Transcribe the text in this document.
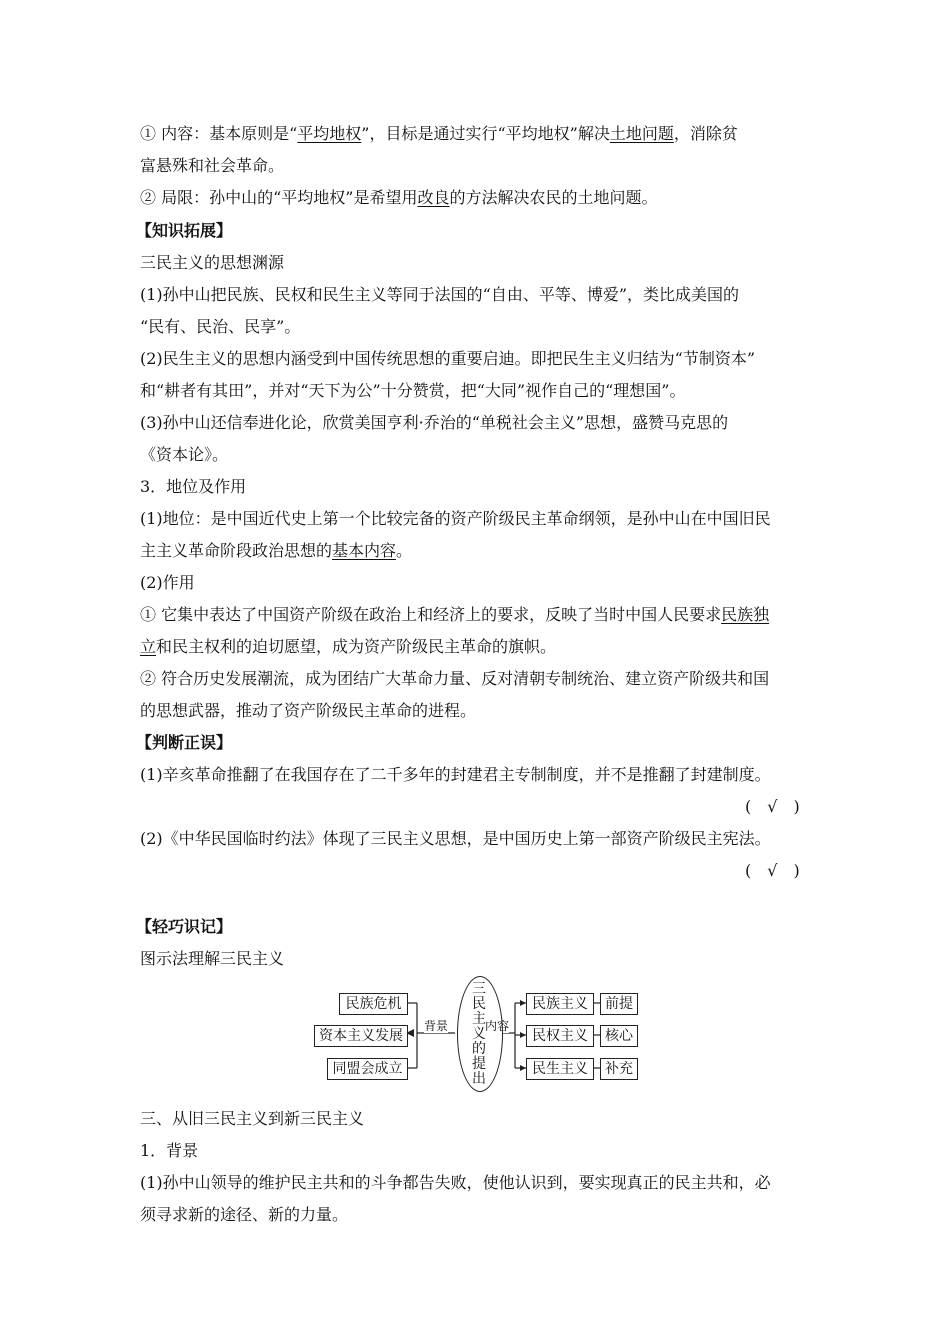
① 内容：基本原则是“平均地权”，目标是通过实行“平均地权”解决土地问题，消除贫
富悬殊和社会革命。
② 局限：孙中山的“平均地权”是希望用改良的方法解决农民的土地问题。
【知识拓展】
三民主义的思想渊源
(1)孙中山把民族、民权和民生主义等同于法国的“自由、平等、博爱”，类比成美国的
“民有、民治、民享”。
(2)民生主义的思想内涵受到中国传统思想的重要启迪。即把民生主义归结为“节制资本”
和“耕者有其田”，并对“天下为公”十分赞赏，把“大同”视作自己的“理想国”。
(3)孙中山还信奉进化论，欣赏美国亨利·乔治的“单税社会主义”思想，盛赞马克思的
《资本论》。
3．地位及作用
(1)地位：是中国近代史上第一个比较完备的资产阶级民主革命纲领，是孙中山在中国旧民
主主义革命阶段政治思想的基本内容。
(2)作用
① 它集中表达了中国资产阶级在政治上和经济上的要求，反映了当时中国人民要求民族独
立和民主权利的迫切愿望，成为资产阶级民主革命的旗帜。
② 符合历史发展潮流，成为团结广大革命力量、反对清朝专制统治、建立资产阶级共和国
的思想武器，推动了资产阶级民主革命的进程。
【判断正误】
(1)辛亥革命推翻了在我国存在了二千多年的封建君主专制制度，并不是推翻了封建制度。
(　√　)
(2)《中华民国临时约法》体现了三民主义思想，是中国历史上第一部资产阶级民主宪法。
(　√　)
【轻巧识记】
图示法理解三民主义
民族危机
资本主义发展
同盟会成立
背景	内容
三民主义的提出
民族主义
民权主义
民生主义
前提
核心
补充
三、从旧三民主义到新三民主义
1．背景
(1)孙中山领导的维护民主共和的斗争都告失败，使他认识到，要实现真正的民主共和，必
须寻求新的途径、新的力量。
